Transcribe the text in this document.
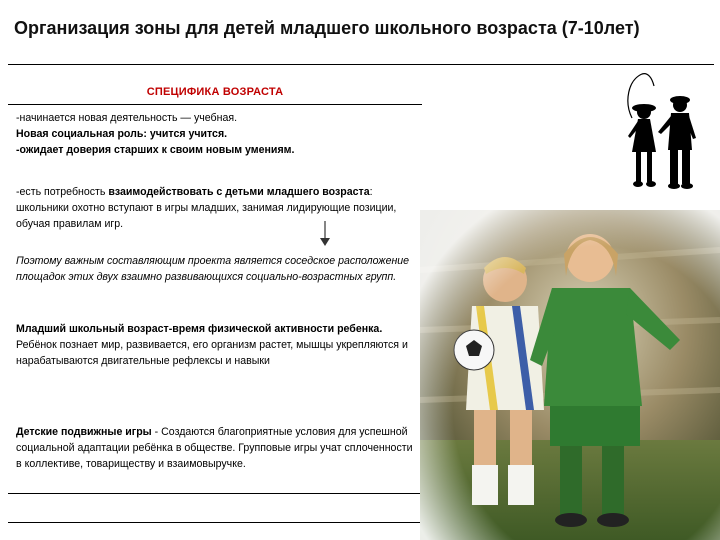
Организация зоны для детей младшего школьного возраста (7-10лет)
СПЕЦИФИКА ВОЗРАСТА
-начинается новая деятельность — учебная.
Новая социальная роль: учится учится.
-ожидает доверия старших к своим новым умениям.
-есть потребность взаимодейcтвовать с детьми младшего возраста: школьники охотно вступают в игры младших, занимая лидирующие позиции, обучая правилам игр.
Поэтому важным составляющим проекта является соседское расположение площадок этих двух взаимно развивающихся социально-возрастных групп.
Младший школьный возраст-время физической активности ребенка.
Ребёнок познает мир, развивается, его организм растет, мышцы укрепляются и нарабатываются двигательные рефлексы и навыки
Детские подвижные игры - Создаются благоприятные условия для успешной социальной адаптации ребёнка в обществе. Групповые игры учат сплоченности в коллективе, товариществу и взаимовыручке.
